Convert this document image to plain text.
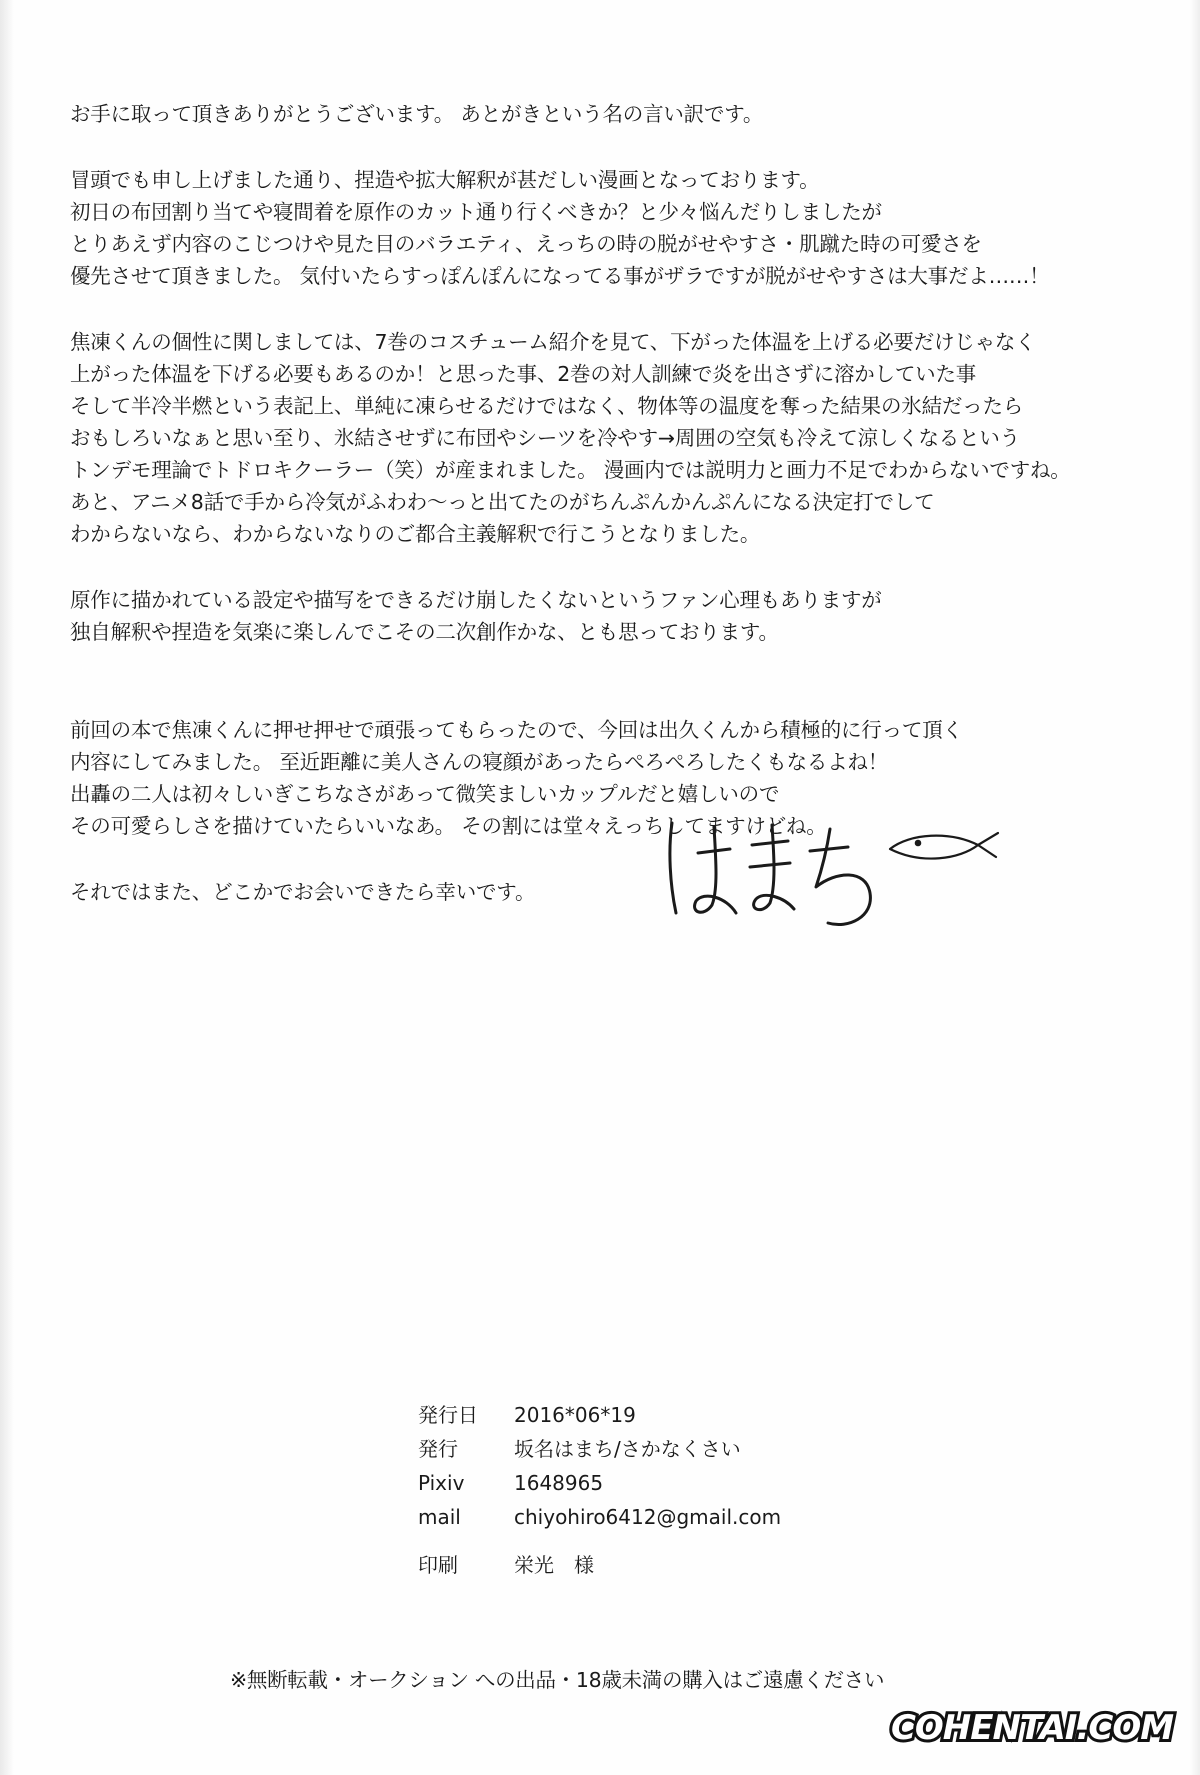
お手に取って頂きありがとうございます。 あとがきという名の言い訳です。
冒頭でも申し上げました通り、捏造や拡大解釈が甚だしい漫画となっております。
初日の布団割り当てや寝間着を原作のカット通り行くべきか？と少々悩んだりしましたが
とりあえず内容のこじつけや見た目のバラエティ、えっちの時の脱がせやすさ・肌蹴た時の可愛さを
優先させて頂きました。 気付いたらすっぽんぽんになってる事がザラですが脱がせやすさは大事だよ……！
焦凍くんの個性に関しましては、7巻のコスチューム紹介を見て、下がった体温を上げる必要だけじゃなく
上がった体温を下げる必要もあるのか！と思った事、2巻の対人訓練で炎を出さずに溶かしていた事
そして半冷半燃という表記上、単純に凍らせるだけではなく、物体等の温度を奪った結果の氷結だったら
おもしろいなぁと思い至り、氷結させずに布団やシーツを冷やす→周囲の空気も冷えて涼しくなるという
トンデモ理論でトドロキクーラー（笑）が産まれました。 漫画内では説明力と画力不足でわからないですね。
あと、アニメ8話で手から冷気がふわわ～っと出てたのがちんぷんかんぷんになる決定打でして
わからないなら、わからないなりのご都合主義解釈で行こうとなりました。
原作に描かれている設定や描写をできるだけ崩したくないというファン心理もありますが
独自解釈や捏造を気楽に楽しんでこその二次創作かな、とも思っております。
前回の本で焦凍くんに押せ押せで頑張ってもらったので、今回は出久くんから積極的に行って頂く
内容にしてみました。 至近距離に美人さんの寝顔があったらぺろぺろしたくもなるよね！
出轟の二人は初々しいぎこちなさがあって微笑ましいカップルだと嬉しいので
その可愛らしさを描けていたらいいなあ。 その割には堂々えっちしてますけどね。
それではまた、どこかでお会いできたら幸いです。
発行日	2016*06*19
発行	坂名はまち/さかなくさい
Pixiv	1648965
mail	chiyohiro6412@gmail.com
印刷	栄光　様
※無断転載・オークション への出品・18歳未満の購入はご遠慮ください
COHENTAI.COM
